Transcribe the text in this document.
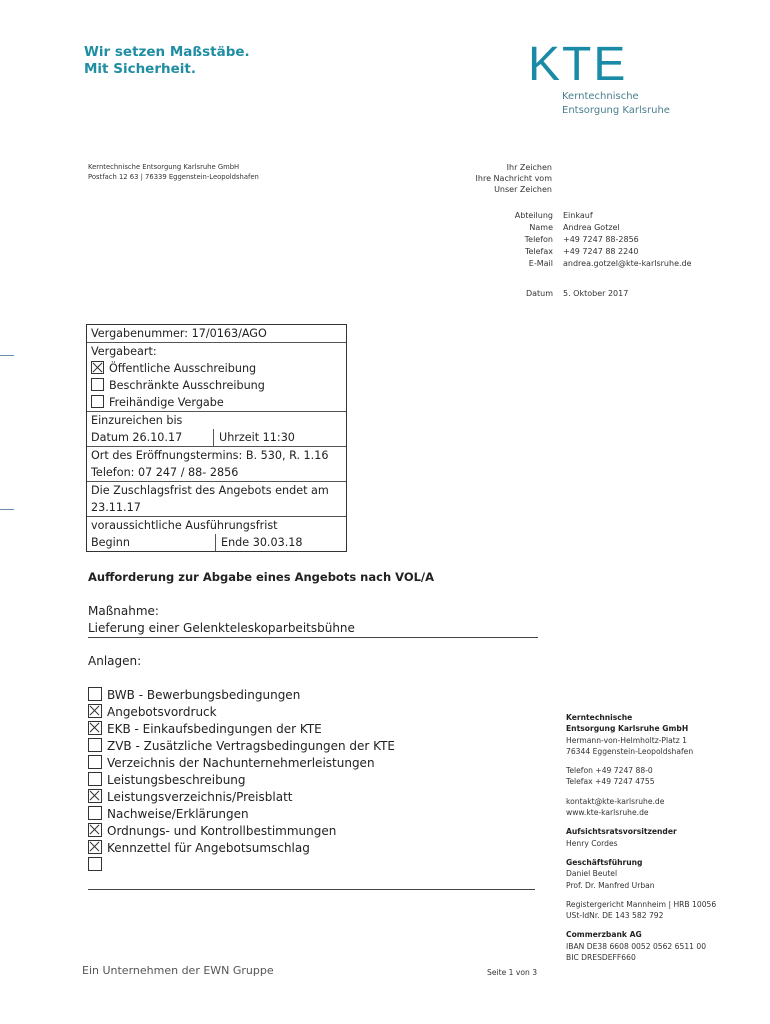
Wir setzen Maßstäbe.
Mit Sicherheit.	KTE
Kerntechnische
Entsorgung Karlsruhe
Kerntechnische Entsorgung Karlsruhe GmbH
Postfach 12 63 | 76339 Eggenstein-Leopoldshafen
Ihr Zeichen
Ihre Nachricht vom
Unser Zeichen
Abteilung	Einkauf
Name	Andrea Gotzel
Telefon	+49 7247 88-2856
Telefax	+49 7247 88 2240
E-Mail	andrea.gotzel@kte-karlsruhe.de

Datum	5. Oktober 2017
Vergabenummer: 17/0163/AGO
Vergabeart:
Öffentliche Ausschreibung
Beschränkte Ausschreibung
Freihändige Vergabe
Einzureichen bis
Datum 26.10.17	Uhrzeit 11:30
Ort des Eröffnungstermins: B. 530, R. 1.16
Telefon: 07 247 / 88- 2856
Die Zuschlagsfrist des Angebots endet am
23.11.17
voraussichtliche Ausführungsfrist
Beginn	Ende 30.03.18
Aufforderung zur Abgabe eines Angebots nach VOL/A
Maßnahme:
Lieferung einer Gelenkteleskoparbeitsbühne
Anlagen:
BWB - Bewerbungsbedingungen
Angebotsvordruck
EKB - Einkaufsbedingungen der KTE
ZVB - Zusätzliche Vertragsbedingungen der KTE
Verzeichnis der Nachunternehmerleistungen
Leistungsbeschreibung
Leistungsverzeichnis/Preisblatt
Nachweise/Erklärungen
Ordnungs- und Kontrollbestimmungen
Kennzettel für Angebotsumschlag
Kerntechnische
Entsorgung Karlsruhe GmbH
Hermann-von-Helmholtz-Platz 1
76344 Eggenstein-Leopoldshafen
Telefon +49 7247 88-0
Telefax +49 7247 4755
kontakt@kte-karlsruhe.de
www.kte-karlsruhe.de
Aufsichtsratsvorsitzender
Henry Cordes
Geschäftsführung
Daniel Beutel
Prof. Dr. Manfred Urban
Registergericht Mannheim | HRB 10056
USt-IdNr. DE 143 582 792
Commerzbank AG
IBAN DE38 6608 0052 0562 6511 00
BIC DRESDEFF660
Ein Unternehmen der EWN Gruppe	Seite 1 von 3
